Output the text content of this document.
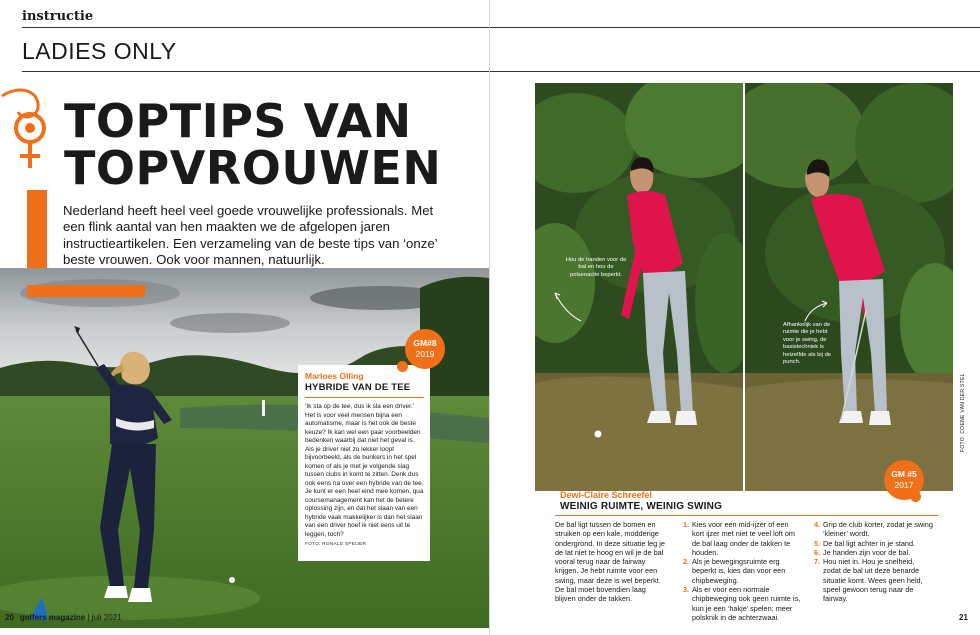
instructie
LADIES ONLY
TOPTIPS VAN
TOPVROUWEN
Nederland heeft heel veel goede vrouwelijke professionals. Met een flink aantal van hen maakten we de afgelopen jaren instructieartikelen. Een verzameling van de beste tips van ‘onze’ beste vrouwen. Ook voor mannen, natuurlijk.
Marloes Olling
HYBRIDE VAN DE TEE
‘Ik sta op de tee, dus ik sla een driver.’ Het is voor veel mensen bijna een automatisme, maar is het ook de beste keuze? Ik kan wel een paar voorbeelden bedenken waarbij dat niet het geval is. Als je driver niet zo lekker loopt bijvoorbeeld, als de bunkers in het spel komen of als je met je volgende slag tussen clubs in komt te zitten. Denk dus ook eens na over een hybride van de tee. Je kunt er een heel eind mee komen, qua coursemanagement kan het de betere oplossing zijn, en dat het slaan van een hybride vaak makkelijker is dan het slaan van een driver hoef ik niet eens uit te leggen, toch?
FOTO: RONALD SPEIJER
GM#8
2019
20 golfers magazine | juli 2021
Hou de handen voor de bal en hou de polsenactie beperkt.
Afhankelijk van de ruimte die je hebt voor je swing, de basistechniek is hetzelfde als bij de punch.
GM #5
2017
FOTO: COENE VAN DER STEL
Dewi-Claire Schreefel
WEINIG RUIMTE, WEINIG SWING
De bal ligt tussen de bomen en struiken op een kale, modderige ondergrond. In deze situatie leg je de lat niet te hoog en wil je de bal vooral terug naar de fairway krijgen. Je hebt ruimte voor een swing, maar deze is wel beperkt. De bal moet bovendien laag blijven onder de takken.
1. Kies voor een mid-ijzer of een kort ijzer met niet te veel loft om de bal laag onder de takken te houden.
2. Als je bewegingsruimte erg beperkt is, kies dan voor een chipbeweging.
3. Als er voor een normale chipbeweging ook geen ruimte is, kun je een ‘hakje’ spelen: meer polsknik in de achterzwaai.
4. Grip de club korter, zodat je swing ‘kleiner’ wordt.
5. De bal ligt achter in je stand.
6. Je handen zijn voor de bal.
7. Hou niet in. Hou je snelheid, zodat de bal uit deze benarde situatie komt. Wees geen held, speel gewoon terug naar de fairway.
21
